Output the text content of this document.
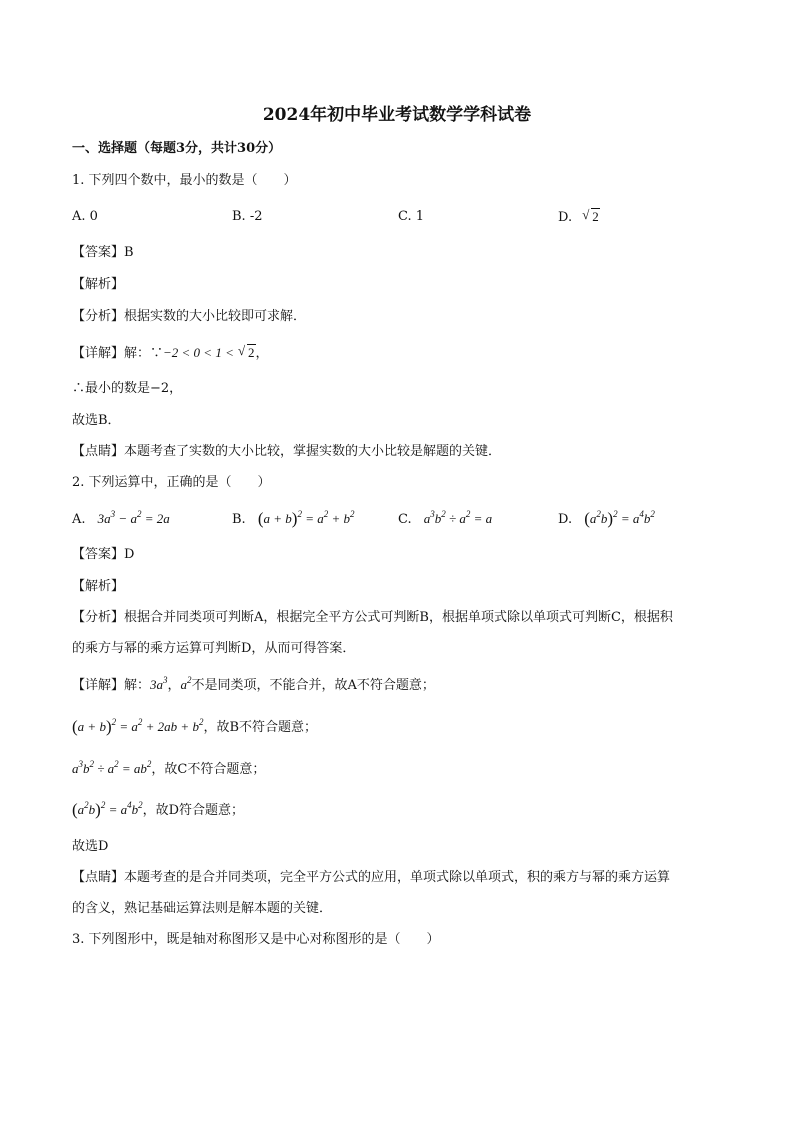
2024年初中毕业考试数学学科试卷
一、选择题（每题3分，共计30分）
1. 下列四个数中，最小的数是（　　）
A. 0	B. -2	C. 1	D. √ 2
【答案】B
【解析】
【分析】根据实数的大小比较即可求解．
【详解】解：∵−2 < 0 < 1 < √ 2，
∴最小的数是−2，
故选B．
【点睛】本题考查了实数的大小比较，掌握实数的大小比较是解题的关键．
2. 下列运算中，正确的是（　　）
A. $3a^3 - a^2 = 2a$	B. $(a + b)^2 = a^2 + b^2$	C. $a^3b^2 \div a^2 = a$	D. $(a^2b)^2 = a^4b^2$
【答案】D
【解析】
【分析】根据合并同类项可判断A，根据完全平方公式可判断B，根据单项式除以单项式可判断C，根据积
的乘方与幂的乘方运算可判断D，从而可得答案．
【详解】解：$3a^3$，$a^2$不是同类项，不能合并，故A不符合题意；
$(a + b)^2 = a^2 + 2ab + b^2$，故B不符合题意；
$a^3b^2 \div a^2 = ab^2$，故C不符合题意；
$(a^2b)^2 = a^4b^2$，故D符合题意；
故选D
【点睛】本题考查的是合并同类项，完全平方公式的应用，单项式除以单项式，积的乘方与幂的乘方运算
的含义，熟记基础运算法则是解本题的关键．
3. 下列图形中，既是轴对称图形又是中心对称图形的是（　　）
